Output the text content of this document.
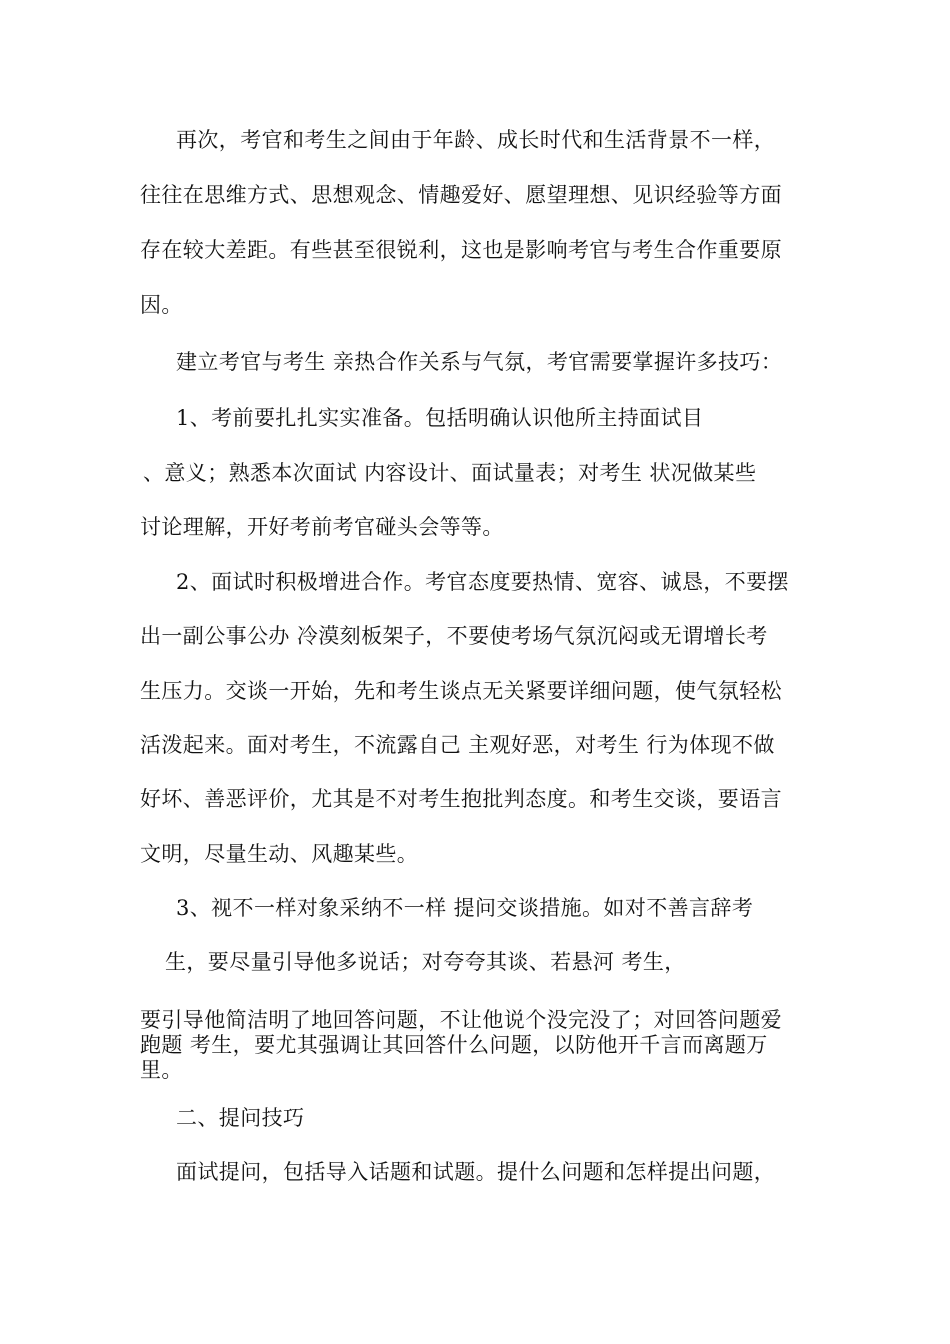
再次，考官和考生之间由于年龄、成长时代和生活背景不一样，
往往在思维方式、思想观念、情趣爱好、愿望理想、见识经验等方面
存在较大差距。有些甚至很锐利，这也是影响考官与考生合作重要原
因。
建立考官与考生 亲热合作关系与气氛，考官需要掌握许多技巧：
1、考前要扎扎实实准备。包括明确认识他所主持面试目
、意义；熟悉本次面试 内容设计、面试量表；对考生 状况做某些
讨论理解，开好考前考官碰头会等等。
2、面试时积极增进合作。考官态度要热情、宽容、诚恳，不要摆
出一副公事公办 冷漠刻板架子，不要使考场气氛沉闷或无谓增长考
生压力。交谈一开始，先和考生谈点无关紧要详细问题，使气氛轻松
活泼起来。面对考生，不流露自己 主观好恶，对考生 行为体现不做
好坏、善恶评价，尤其是不对考生抱批判态度。和考生交谈，要语言
文明，尽量生动、风趣某些。
3、视不一样对象采纳不一样 提问交谈措施。如对不善言辞考
生，要尽量引导他多说话；对夸夸其谈、若悬河 考生，
要引导他简洁明了地回答问题，不让他说个没完没了；对回答问题爱
跑题 考生，要尤其强调让其回答什么问题，以防他开千言而离题万
里。
二、提问技巧
面试提问，包括导入话题和试题。提什么问题和怎样提出问题，
